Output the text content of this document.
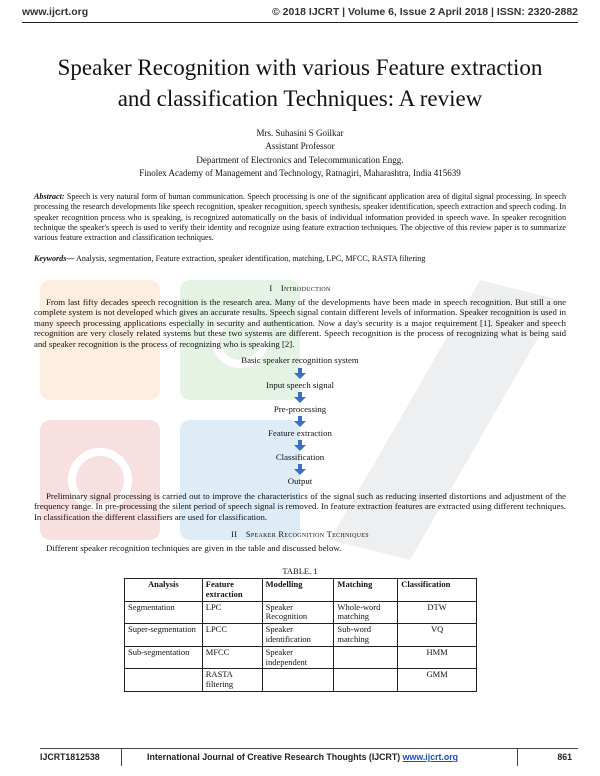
www.ijcrt.org	© 2018 IJCRT | Volume 6, Issue 2 April 2018 | ISSN: 2320-2882
Speaker Recognition with various Feature extraction
and classification Techniques: A review
Mrs. Suhasini S Goilkar
Assistant Professor
Department of Electronics and Telecommunication Engg.
Finolex Academy of Management and Technology, Ratnagiri, Maharashtra, India 415639
Abstract: Speech is very natural form of human communication. Speech processing is one of the significant application area of digital signal processing. In speech processing the research developments like speech recognition, speaker recognition, speech synthesis, speaker identification, speech extraction and speech coding. In speaker recognition process who is speaking, is recognized automatically on the basis of individual information provided in speech wave. In speaker recognition technique the speaker's speech is used to verify their identity and recognize using feature extraction techniques. The objective of this review paper is to summarize various feature extraction and classification techniques.
Keywords— Analysis, segmentation, Feature extraction, speaker identification, matching, LPC, MFCC, RASTA filtering
I Introduction
From last fifty decades speech recognition is the research area. Many of the developments have been made in speech recognition. But still a one complete system is not developed which gives an accurate results. Speech signal contain different levels of information. Speaker recognition is used in many speech processing applications especially in security and authentication. Now a day's security is a major requirement [1]. Speaker and speech recognition are very closely related systems but these two systems are different. Speech recognition is the process of recognizing what is being said and speaker recognition is the process of recognizing who is speaking [2].
Basic speaker recognition system
Input speech signal
Pre-processing
Feature extraction
Classification
Output
Preliminary signal processing is carried out to improve the characteristics of the signal such as reducing inserted distortions and adjustment of the frequency range. In pre-processing the silent period of speech signal is removed. In feature extraction features are extracted using different techniques. In classification the different classifiers are used for classification.
II Speaker Recognition Techniques
Different speaker recognition techniques are given in the table and discussed below.
TABLE. 1
Analysis	Feature extraction	Modelling	Matching	Classification
Segmentation	LPC	Speaker Recognition	Whole-word matching	DTW
Super-segmentation	LPCC	Speaker identification	Sub-word matching	VQ
Sub-segmentation	MFCC	Speaker independent		HMM
	RASTA filtering			GMM
IJCRT1812538	International Journal of Creative Research Thoughts (IJCRT) www.ijcrt.org	861
